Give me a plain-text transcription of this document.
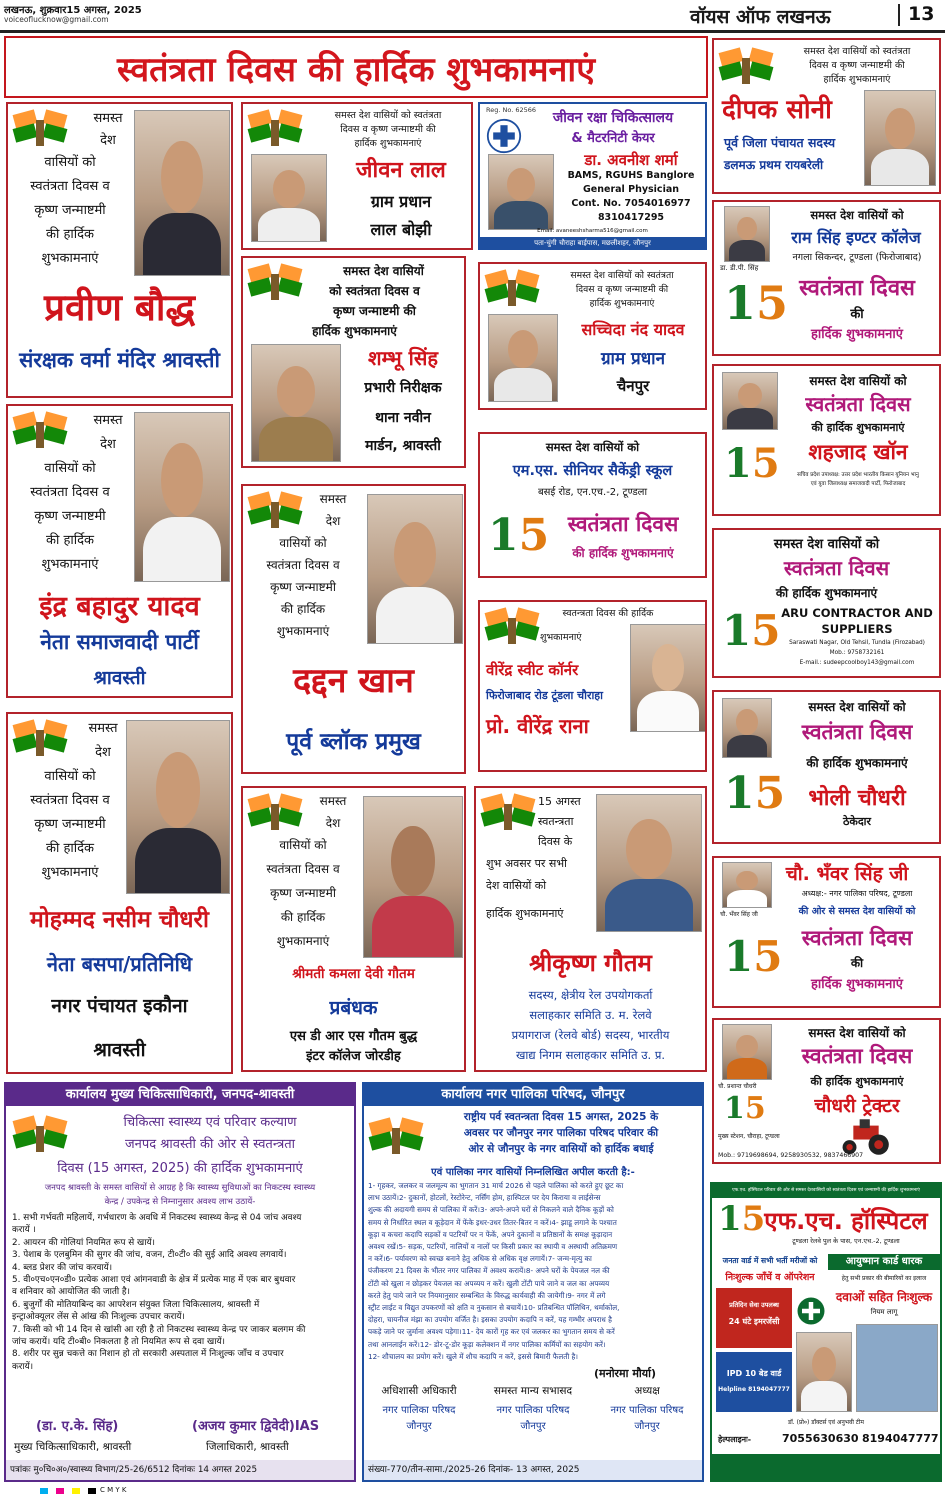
लखनऊ, शुक्रवार15 अगस्त, 2025
voiceoflucknow@gmail.com	वॉयस ऑफ लखनऊ	13
स्वतंत्रता दिवस की हार्दिक शुभकामनाएं
समस्त
देश
वासियों को
स्वतंत्रता दिवस व
कृष्ण जन्माष्टमी
की हार्दिक
शुभकामनाएं
प्रवीण बौद्ध
संरक्षक वर्मा मंदिर श्रावस्ती
समस्त देश वासियों को स्वतंत्रता
दिवस व कृष्ण जन्माष्टमी की
हार्दिक शुभकामनाएं
जीवन लाल
ग्राम प्रधान
लाल बोझी
Reg. No. 62566	जीवन रक्षा चिकित्सालय
& मैटरनिटी केयर
डा. अवनीश शर्मा
BAMS, RGUHS Banglore
General Physician
Cont. No. 7054016977
8310417295
Email. avaneeshsharma516@gmail.com
पता-चुंगी चौराहा बाईपास, मछलीशहर, जौनपुर
समस्त देश वासियों को स्वतंत्रता
दिवस व कृष्ण जन्माष्टमी की
हार्दिक शुभकामनाएं
दीपक सोनी
पूर्व जिला पंचायत सदस्य
डलमऊ प्रथम रायबरेली
डा. डी.पी. सिंह
समस्त देश वासियों को
राम सिंह इण्टर कॉलेज
नगला सिकन्दर, टूण्डला (फिरोजाबाद)
15 स्वतंत्रता दिवस
की
हार्दिक शुभकामनाएं
समस्त देश वासियों
को स्वतंत्रता दिवस व
कृष्ण जन्माष्टमी की
हार्दिक शुभकामनाएं
शम्भू सिंह
प्रभारी निरीक्षक
थाना नवीन
मार्डन, श्रावस्ती
समस्त देश वासियों को स्वतंत्रता
दिवस व कृष्ण जन्माष्टमी की
हार्दिक शुभकामनाएं
सच्चिदा नंद यादव
ग्राम प्रधान
चैनपुर	समस्त देश वासियों को
स्वतंत्रता दिवस
की हार्दिक शुभकामनाएं
15	शहजाद खॉन
सचिव प्रदेश उपाध्यक्ष: उत्तर प्रदेश भारतीय किसान यूनियन भानु
एवं युवा जिलाध्यक्ष समाजवादी पार्टी, फिरोजाबाद
समस्त
देश
वासियों को
स्वतंत्रता दिवस व
कृष्ण जन्माष्टमी
की हार्दिक
शुभकामनाएं
इंद्र बहादुर यादव
नेता समाजवादी पार्टी
श्रावस्ती
समस्त देश वासियों को
एम.एस. सीनियर सैकेंड्री स्कूल
बसई रोड, एन.एच.-2, टूण्डला
15 स्वतंत्रता दिवस
की हार्दिक शुभकामनाएं
समस्त
देश
वासियों को
स्वतंत्रता दिवस व
कृष्ण जन्माष्टमी
की हार्दिक
शुभकामनाएं
दद्दन खान
पूर्व ब्लॉक प्रमुख
समस्त देश वासियों को
स्वतंत्रता दिवस
की हार्दिक शुभकामनाएं
15 ARU CONTRACTOR AND
SUPPLIERS
Saraswati Nagar, Old Tehsil, Tundla (Firozabad)
Mob.: 9758732161
E-mail.: sudeepcoolboy143@gmail.com
स्वतन्त्रता दिवस की हार्दिक
शुभकामनाएं
वीरेंद्र स्वीट कॉर्नर
फिरोजाबाद रोड टूंडला चौराहा
प्रो. वीरेंद्र राना
समस्त देश वासियों को
स्वतंत्रता दिवस
की हार्दिक शुभकामनाएं
15	भोली चौधरी
ठेकेदार
समस्त
देश
वासियों को
स्वतंत्रता दिवस व
कृष्ण जन्माष्टमी
की हार्दिक
शुभकामनाएं
मोहम्मद नसीम चौधरी
नेता बसपा/प्रतिनिधि
नगर पंचायत इकौना
श्रावस्ती
समस्त
देश
वासियों को
स्वतंत्रता दिवस व
कृष्ण जन्माष्टमी
की हार्दिक
शुभकामनाएं
श्रीमती कमला देवी गौतम
प्रबंधक
एस डी आर एस गौतम बुद्ध
इंटर कॉलेज जोरडीह
15 अगस्त
स्वतन्त्रता
दिवस के
शुभ अवसर पर सभी
देश वासियों को
हार्दिक शुभकामनाएं
श्रीकृष्ण गौतम
सदस्य, क्षेत्रीय रेल उपयोगकर्ता
सलाहकार समिति उ. म. रेलवे
प्रयागराज (रेलवे बोर्ड) सदस्य, भारतीय
खाद्य निगम सलाहकार समिति उ. प्र.
चौ. भँवर सिंह जी
चौ. भँवर सिंह जी
अध्यक्ष:- नगर पालिका परिषद, टूण्डला
की ओर से समस्त देश वासियों को
15 स्वतंत्रता दिवस
की
हार्दिक शुभकामनाएं
चौ. प्रशान्त चौधरी
समस्त देश वासियों को
स्वतंत्रता दिवस
की हार्दिक शुभकामनाएं
15	चौधरी ट्रेक्टर
मुख्य स्टेशन, चौराहा, टूण्डला
Mob.: 9719698694, 9258930532, 9837466907
कार्यालय मुख्य चिकित्साधिकारी, जनपद-श्रावस्ती
चिकित्सा स्वास्थ्य एवं परिवार कल्याण
जनपद श्रावस्ती की ओर से स्वतन्त्रता
दिवस (15 अगस्त, 2025) की हार्दिक शुभकामनाएं
जनपद श्रावस्ती के समस्त वासियों से आग्रह है कि स्वास्थ्य सुविधाओं का निकटस्थ स्वास्थ्य
केन्द्र / उपकेन्द्र से निम्नानुसार अवश्य लाभ उठायें-

1. सभी गर्भवती महिलायें, गर्भधारण के अवधि में निकटस्थ स्वास्थ्य केन्द्र से 04 जांच अवश्य

करायें ।

2. आयरन की गोलियां नियमित रूप से खायें।

3. पेशाब के एलबुमिन की सुगर की जांच, वजन, टी०टी० की सुई आदि अवश्य लगवायें।

4. ब्लड प्रेशर की जांच करवायें।

5. वी०एच०एन०डी० प्रत्येक आशा एवं आंगनवाडी के क्षेत्र में प्रत्येक माह में एक बार बुधवार

व शनिवार को आयोजित की जाती है।

6. बुजुर्गों की मोतियाबिन्द का आपरेशन संयुक्त जिला चिकित्सालय, श्रावस्ती में

इन्ट्राओक्यूलर लेंस से आंख की निःशुल्क उपचार करायें।

7. किसी को भी 14 दिन से खांसी आ रही है तो निकटस्थ स्वास्थ्य केन्द्र पर जाकर बलगम की

जांच करायें। यदि टी०बी० निकलता है तो नियमित रूप से दवा खायें।

8. शरीर पर सुन्न चकत्ते का निशान हो तो सरकारी अस्पताल में निःशुल्क जाँच व उपचार

करायें।

(डा. ए.के. सिंह)
मुख्य चिकित्साधिकारी, श्रावस्ती
(अजय कुमार द्विवेदी)IAS
जिलाधिकारी, श्रावस्ती
पत्रांकः मु०चि०अ०/स्वास्थ्य विभाग/25-26/6512 दिनांकः 14 अगस्त 2025
कार्यालय नगर पालिका परिषद, जौनपुर
राष्ट्रीय पर्व स्वतन्त्रता दिवस 15 अगस्त, 2025 के
अवसर पर जौनपुर नगर पालिका परिषद परिवार की
ओर से जौनपुर के नगर वासियों को हार्दिक बधाई
एवं पालिका नगर वासियों निम्नलिखित अपील करती है:-

1- गृहकर, जलकर व जलमूल्य का भुगतान 31 मार्च 2026 से पहले पालिका को करते हुए छूट का

लाभ उठायें।2- दुकानों, होटलों, रेस्टोरेन्ट, नर्सिंग होम, हास्पिटल पर देय किराया व लाईसेन्स

शुल्क की अदायगी समय से पालिका में करें।3- अपने-अपने घरों से निकलने वाले दैनिक कूड़ों को

समय से निर्धारित स्थल व कूड़ेदान में फेंके इधर-उधर तितर-बितर न करें।4- झाडू लगाने के पश्चात

कूड़ा व कचरा कदापि सड़कों व पटरियों पर न फेंकें, अपने दुकानों व प्रतिष्ठानों के समक्ष कूड़ादान

अवश्य रखें।5- सड़क, पटरियों, नालियों व नालों पर किसी प्रकार का स्थायी व अस्थायी अतिक्रमण

न करें।6- पर्यावरण को स्वच्छ बनाने हेतु अधिक से अधिक वृक्ष लगायें।7- जन्म-मृत्यु का

पंजीकरण 21 दिवस के भीतर नगर पालिका में अवश्य करायें।8- अपने घरों के पेयजल नल की

टोंटी को खुला न छोड़कर पेयजल का अपव्यय न करें। खुली टोंटी पाये जाने व जल का अपव्यय

करते हेतु पाये जाने पर नियमानुसार सम्बन्धित के विरुद्ध कार्यवाही की जायेगी।9- नगर में लगे

स्ट्रीट लाईट व विद्युत उपकरणों को क्षति व नुकसान से बचायें।10- प्रतिबन्धित पॉलिथिन, थर्माकोल,

दोहरा, चायनीज मंझा का उपयोग वर्जित है। इसका उपयोग कदापि न करें, यह गम्भीर अपराध है

पकड़े जाने पर जुर्माना अवश्य पड़ेगा।11- देय कारों गृह कर एवं जलकर का भुगतान समय से करें

तथा आनलाईन करें।12- डोर-टू-डोर कूड़ा कलेक्शन में नगर पालिका कर्मियों का सहयोग करें।

12- शौचालय का प्रयोग करें। खुले में शौच कदापि न करें, इससे बिमारी फैलती है।

(मनोरमा मौर्या)
अधिशासी अधिकारी
नगर पालिका परिषद
जौनपुर
समस्त मान्य सभासद
नगर पालिका परिषद
जौनपुर
अध्यक्ष
नगर पालिका परिषद
जौनपुर
संख्या-770/तीन-सामा./2025-26 दिनांक- 13 अगस्त, 2025
एफ.एच. हॉस्पिटल परिवार की ओर से समस्त देशवासियों को स्वतंत्रता दिवस एवं जन्माष्टमी की हार्दिक शुभकामनाएं
15
एफ.एच. हॉस्पिटल
टूण्डला रेलवे पुल के पास, एन.एच.-2, टूण्डला
जनता वार्ड में सभी भर्ती मरीजों को
निःशुल्क जाँचें व ऑपरेशन
आयुष्मान कार्ड धारक
हेतु सभी प्रकार की बीमारियों का इलाज
दवाओं सहित निःशुल्क
नियम लागू
प्रतिदिन सेवा उपलब्ध
24 घंटे इमरजेंसी
IPD 10 बेड वार्ड
Helpline 8194047777
डॉ. (प्रो०) डॉक्टर्स एवं अनुभवी टीम
हेल्पलाइनः-	7055630630 8194047777
C M Y K
